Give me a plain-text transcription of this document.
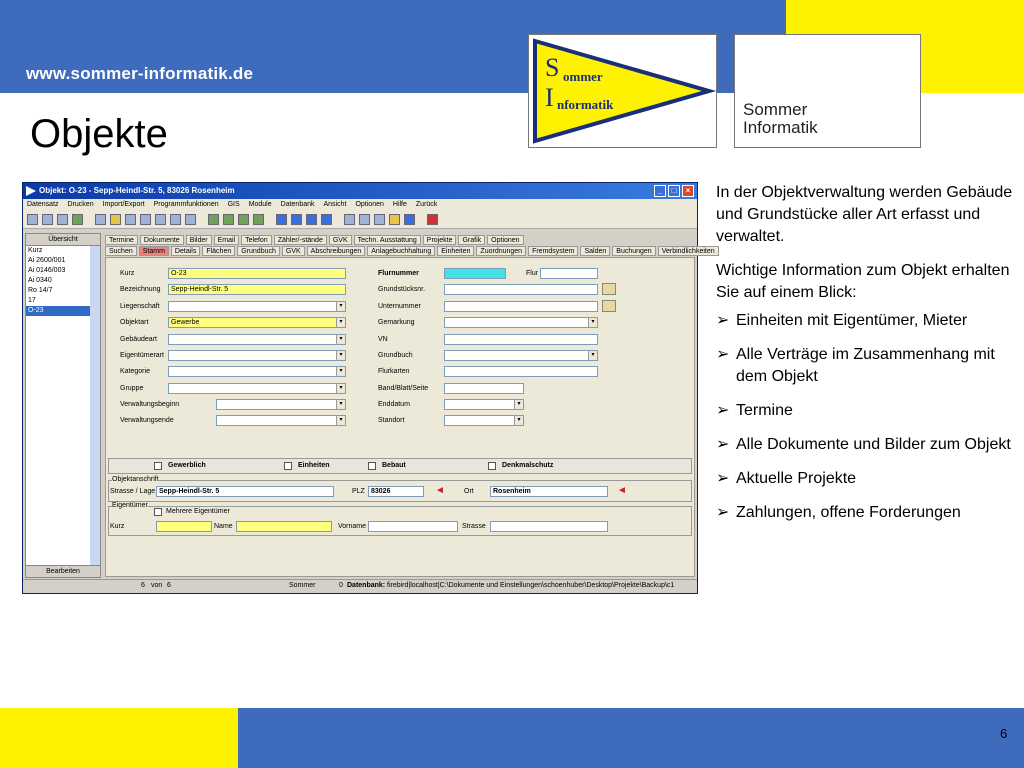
www.sommer-informatik.de
Objekte
S ommer
I nformatik	Sommer
Informatik
Objekt: O-23 - Sepp-Heindl-Str. 5, 83026 Rosenheim	_	□	×
Datensatz Drucken Import/Export Programmfunktionen GIS Module Datenbank Ansicht Optionen Hilfe Zurück
Übersicht
Kurz
Ai 2600/001
Ai 0146/003
Ai 0340
Ro 14/7
17
O-23
Bearbeiten
Termine	Dokumente	Bilder	Email	Telefon	Zähler/-stände	GVK	Techn. Ausstattung	Projekte	Grafik	Optionen
Suchen	Stamm	Details	Flächen	Grundbuch	GVK	Abschreibungen	Anlagebuchhaltung	Einheiten	Zuordnungen	Fremdsystem	Salden	Buchungen	Verbindlichkeiten
Kurz	O-23
Bezeichnung	Sepp-Heindl-Str. 5
Liegenschaft	▾
Objektart	Gewerbe	▾
Gebäudeart	▾
Eigentümerart	▾
Kategorie	▾
Gruppe	▾
Verwaltungsbeginn	▾
Verwaltungsende	▾
Flurnummer	Flur
Grundstücksnr.
Unternummer
Gemarkung	▾
VN
Grundbuch	▾
Flurkarten
Band/Blatt/Seite
Enddatum	▾
Standort	▾
Gewerblich	Einheiten	Bebaut	Denkmalschutz
Objektanschrift
Strasse / Lage Sepp-Heindl-Str. 5	PLZ 83026	◄	Ort	Rosenheim	◄
Eigentümer
Mehrere Eigentümer
Kurz	Name	Vorname	Strasse
6 von 6	Sommer	0 Datenbank: firebird|localhost|C:\Dokumente und Einstellungen\schoenhuber\Desktop\Projekte\Backup\c1

In der Objektverwaltung werden Gebäude und Grundstücke aller Art erfasst und verwaltet.

Wichtige Information zum Objekt erhalten Sie auf einem Blick:

➢ Einheiten mit Eigentümer, Mieter
➢ Alle Verträge im Zusammenhang mit dem Objekt
➢ Termine
➢ Alle Dokumente und Bilder zum Objekt
➢ Aktuelle Projekte
➢ Zahlungen, offene Forderungen
6
